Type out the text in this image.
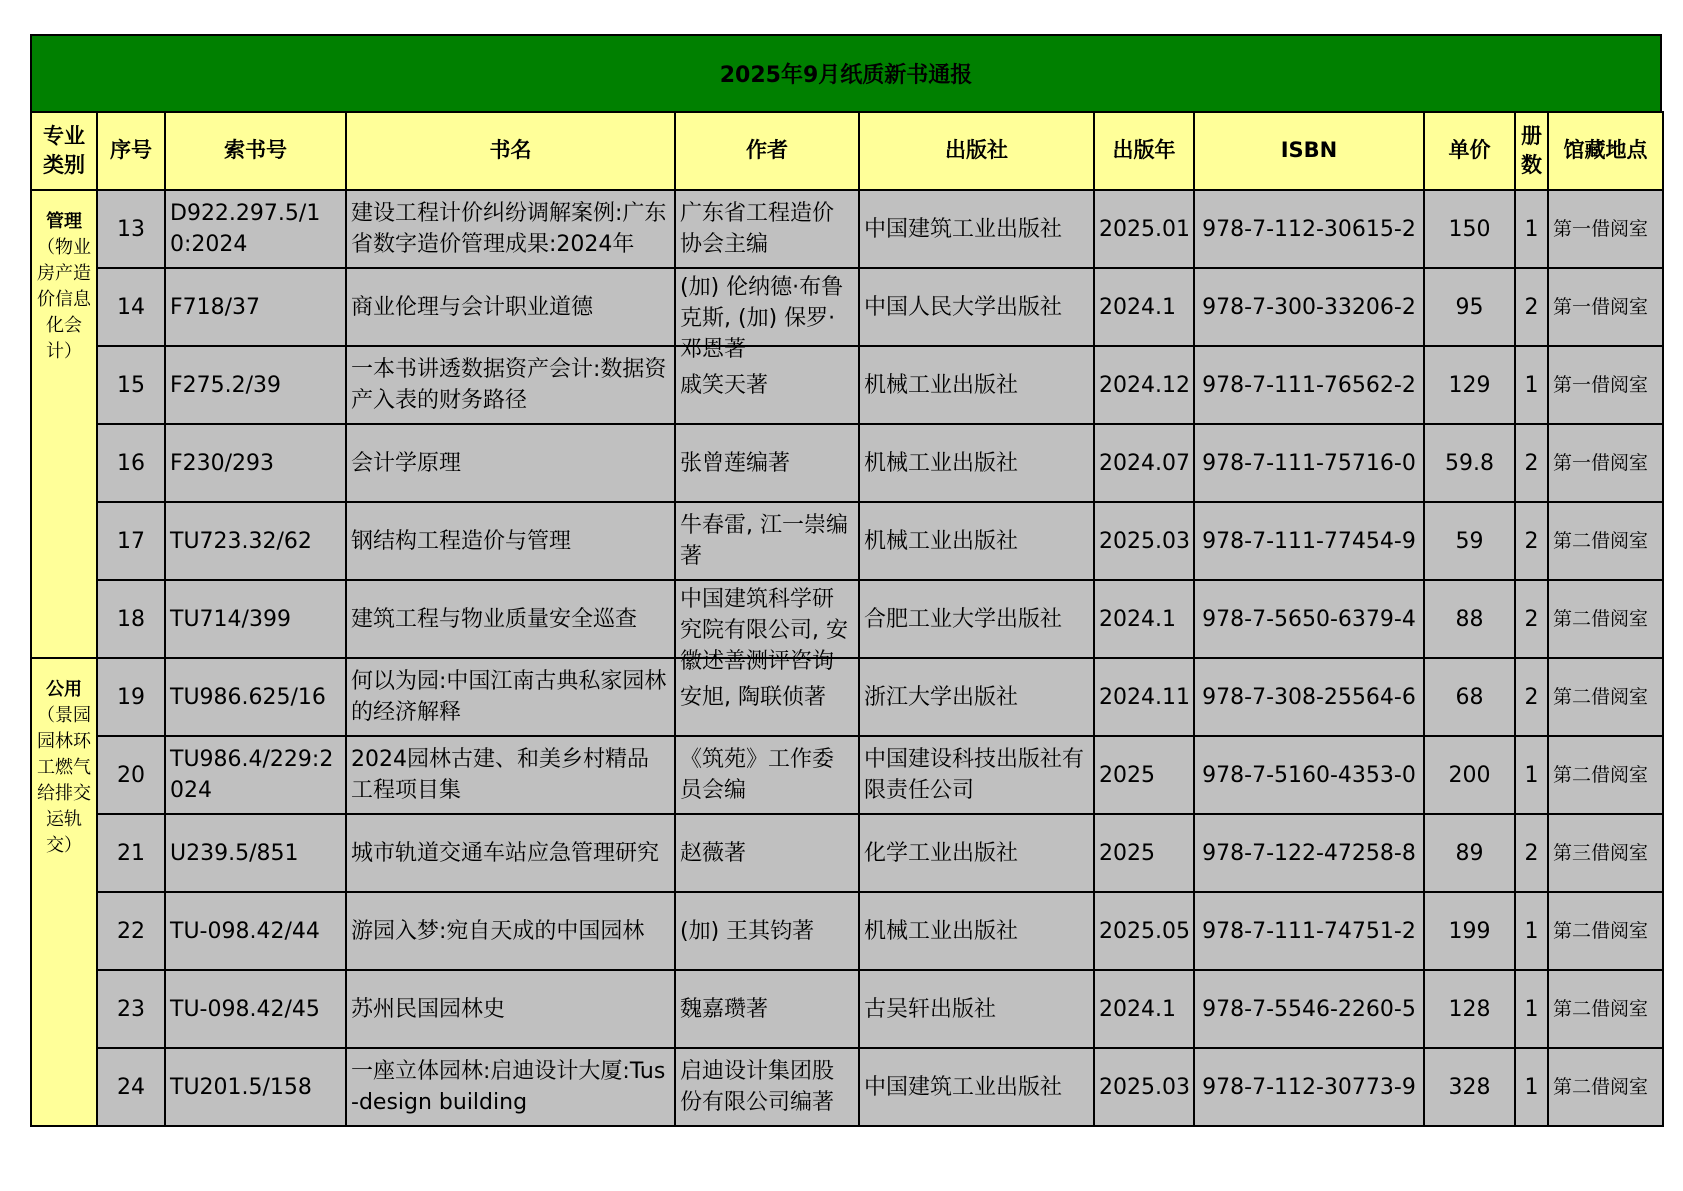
2025年9月纸质新书通报
专业类别	序号	索书号	书名	作者	出版社	出版年	ISBN	单价	册数	馆藏地点

管理（物业房产造价信息化会计）	13	D922.297.5/10:2024	建设工程计价纠纷调解案例:广东省数字造价管理成果:2024年	广东省工程造价协会主编	中国建筑工业出版社	2025.01	978-7-112-30615-2	150	1	第一借阅室

	14	F718/37	商业伦理与会计职业道德	(加) 伦纳德·布鲁克斯, (加) 保罗·邓恩著	中国人民大学出版社	2024.1	978-7-300-33206-2	95	2	第一借阅室

	15	F275.2/39	一本书讲透数据资产会计:数据资产入表的财务路径	戚笑天著	机械工业出版社	2024.12	978-7-111-76562-2	129	1	第一借阅室

	16	F230/293	会计学原理	张曾莲编著	机械工业出版社	2024.07	978-7-111-75716-0	59.8	2	第一借阅室

	17	TU723.32/62	钢结构工程造价与管理	牛春雷, 江一崇编著	机械工业出版社	2025.03	978-7-111-77454-9	59	2	第二借阅室

	18	TU714/399	建筑工程与物业质量安全巡查	中国建筑科学研究院有限公司, 安徽述善测评咨询	合肥工业大学出版社	2024.1	978-7-5650-6379-4	88	2	第二借阅室

公用（景园园林环工燃气给排交运轨交）	19	TU986.625/16	何以为园:中国江南古典私家园林的经济解释	安旭, 陶联侦著	浙江大学出版社	2024.11	978-7-308-25564-6	68	2	第二借阅室

	20	TU986.4/229:2024	2024园林古建、和美乡村精品工程项目集	《筑苑》工作委员会编	中国建设科技出版社有限责任公司	2025	978-7-5160-4353-0	200	1	第二借阅室

	21	U239.5/851	城市轨道交通车站应急管理研究	赵薇著	化学工业出版社	2025	978-7-122-47258-8	89	2	第三借阅室

	22	TU-098.42/44	游园入梦:宛自天成的中国园林	(加) 王其钧著	机械工业出版社	2025.05	978-7-111-74751-2	199	1	第二借阅室

	23	TU-098.42/45	苏州民国园林史	魏嘉瓒著	古吴轩出版社	2024.1	978-7-5546-2260-5	128	1	第二借阅室

	24	TU201.5/158	一座立体园林:启迪设计大厦:Tus-design building	启迪设计集团股份有限公司编著	中国建筑工业出版社	2025.03	978-7-112-30773-9	328	1	第二借阅室
